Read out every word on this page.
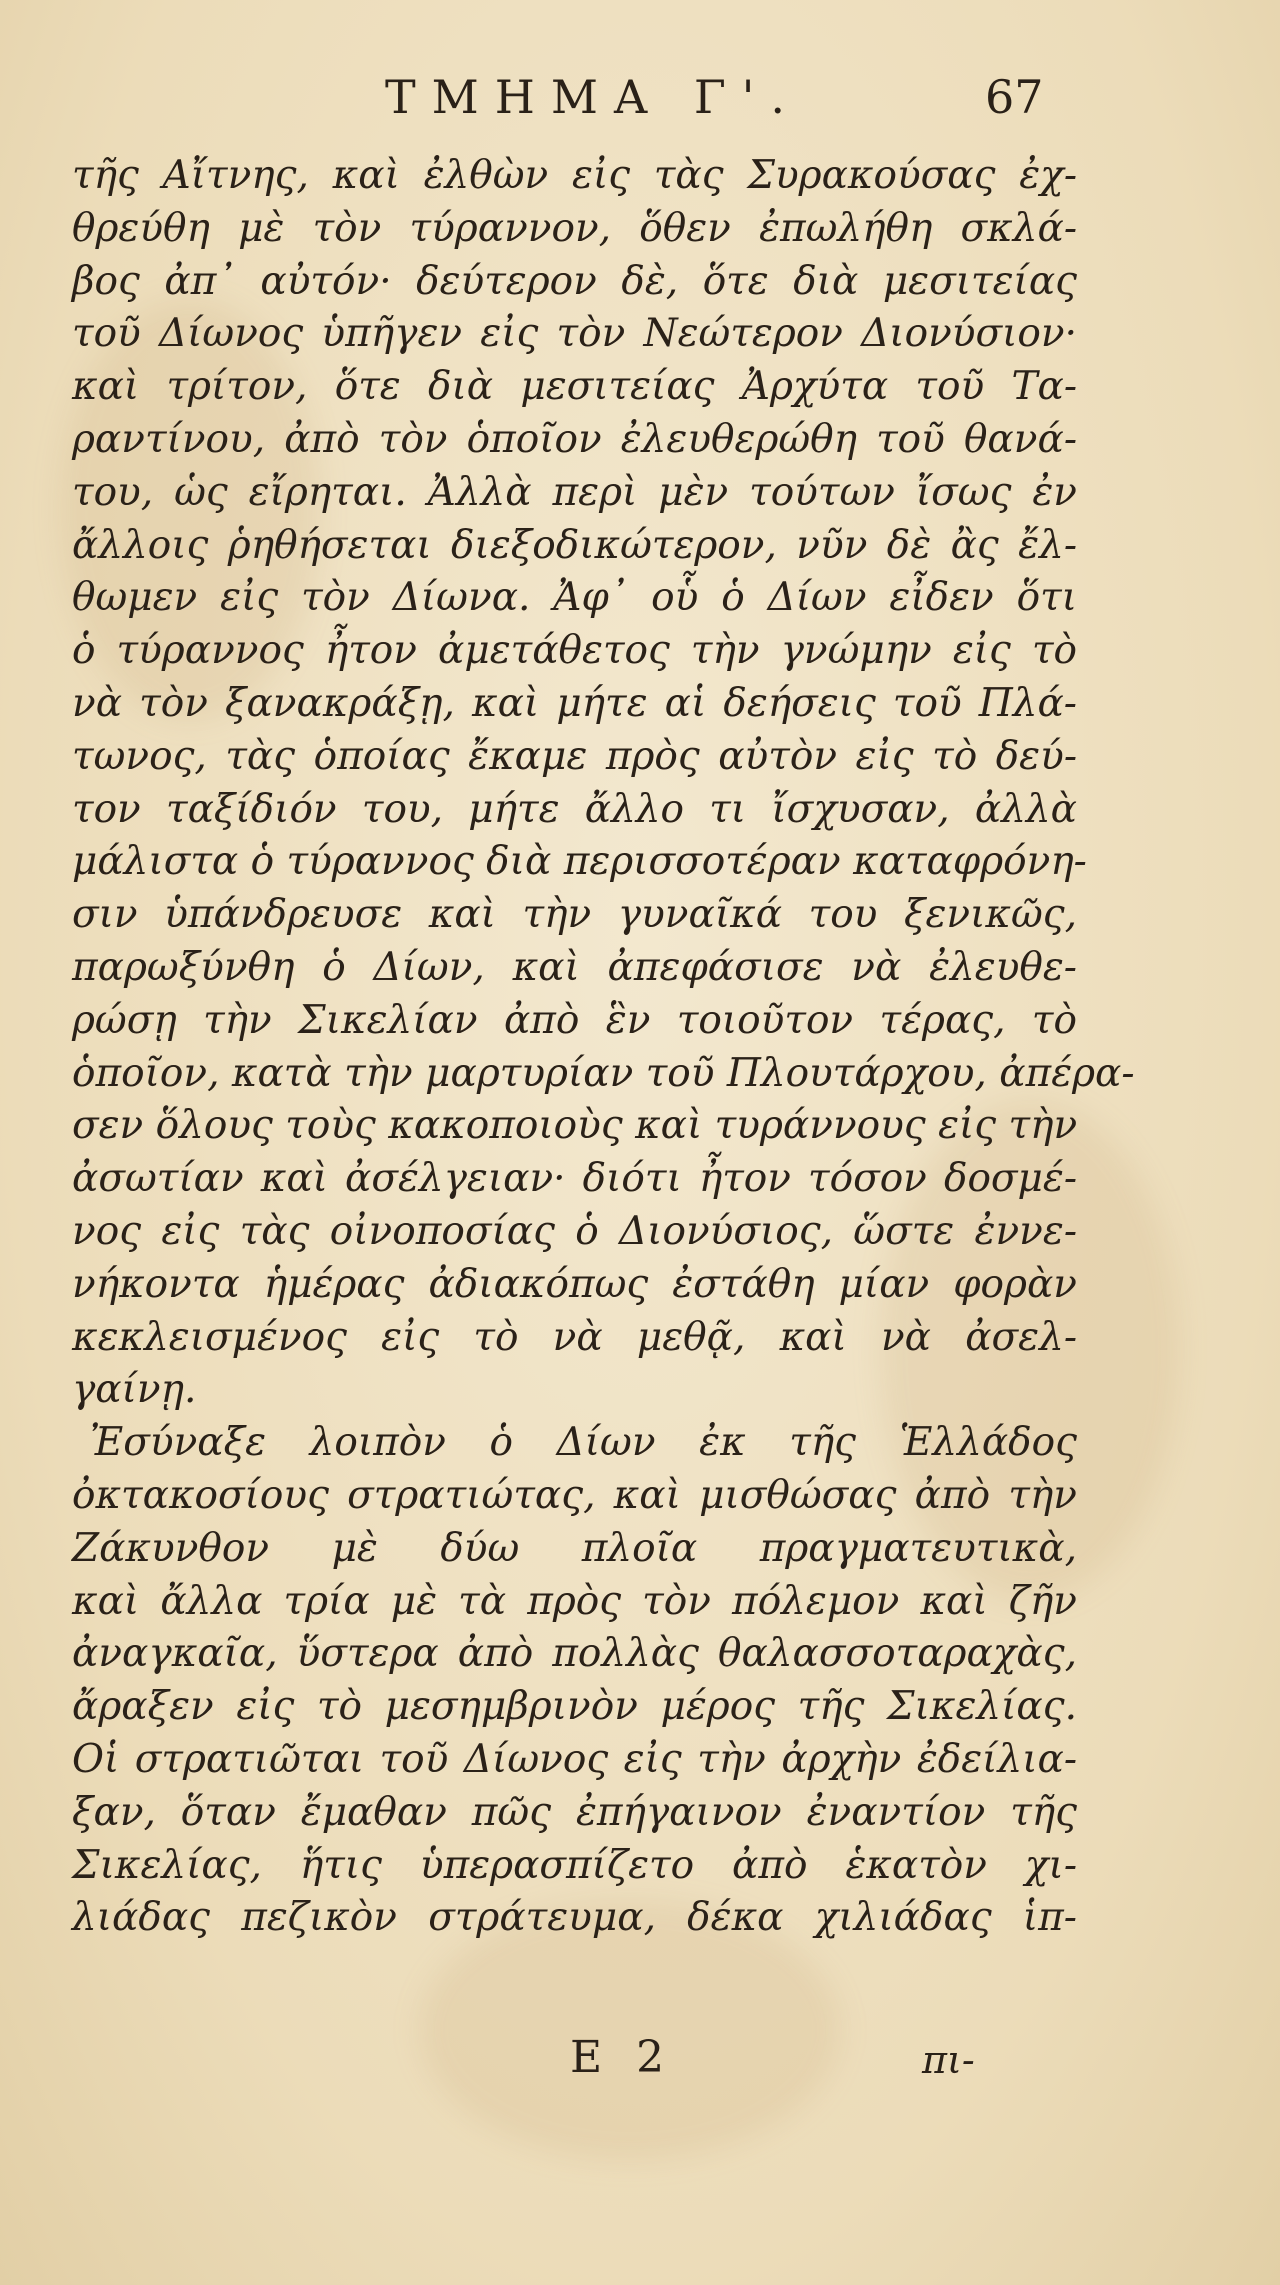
ΤΜΗΜΑ Γ'.	67
τῆς Αἴτνης, καὶ ἐλθὼν εἰς τὰς Συρακούσας ἐχ-
θρεύθη μὲ τὸν τύραννον, ὅθεν ἐπωλήθη σκλά-
βος ἀπ᾽ αὐτόν· δεύτερον δὲ, ὅτε διὰ μεσιτείας
τοῦ Δίωνος ὑπῆγεν εἰς τὸν Νεώτερον Διονύσιον·
καὶ τρίτον, ὅτε διὰ μεσιτείας Ἀρχύτα τοῦ Τα-
ραντίνου, ἀπὸ τὸν ὁποῖον ἐλευθερώθη τοῦ θανά-
του, ὡς εἴρηται. Ἀλλὰ περὶ μὲν τούτων ἴσως ἐν
ἄλλοις ῥηθήσεται διεξοδικώτερον, νῦν δὲ ἂς ἔλ-
θωμεν εἰς τὸν Δίωνα. Ἀφ᾽ οὗ ὁ Δίων εἶδεν ὅτι
ὁ τύραννος ἦτον ἀμετάθετος τὴν γνώμην εἰς τὸ
νὰ τὸν ξανακράξῃ, καὶ μήτε αἱ δεήσεις τοῦ Πλά-
τωνος, τὰς ὁποίας ἔκαμε πρὸς αὐτὸν εἰς τὸ δεύ-
τον ταξίδιόν του, μήτε ἄλλο τι ἴσχυσαν, ἀλλὰ
μάλιστα ὁ τύραννος διὰ περισσοτέραν καταφρόνη-
σιν ὑπάνδρευσε καὶ τὴν γυναῖκά του ξενικῶς,
παρωξύνθη ὁ Δίων, καὶ ἀπεφάσισε νὰ ἐλευθε-
ρώσῃ τὴν Σικελίαν ἀπὸ ἓν τοιοῦτον τέρας, τὸ
ὁποῖον, κατὰ τὴν μαρτυρίαν τοῦ Πλουτάρχου, ἀπέρα-
σεν ὅλους τοὺς κακοποιοὺς καὶ τυράννους εἰς τὴν
ἀσωτίαν καὶ ἀσέλγειαν· διότι ἦτον τόσον δοσμέ-
νος εἰς τὰς οἰνοποσίας ὁ Διονύσιος, ὥστε ἐννε-
νήκοντα ἡμέρας ἀδιακόπως ἐστάθη μίαν φορὰν
κεκλεισμένος εἰς τὸ νὰ μεθᾷ, καὶ νὰ ἀσελ-
γαίνῃ.
Ἐσύναξε λοιπὸν ὁ Δίων ἐκ τῆς Ἑλλάδος
ὀκτακοσίους στρατιώτας, καὶ μισθώσας ἀπὸ τὴν
Ζάκυνθον μὲ δύω πλοῖα πραγματευτικὰ,
καὶ ἄλλα τρία μὲ τὰ πρὸς τὸν πόλεμον καὶ ζῆν
ἀναγκαῖα, ὕστερα ἀπὸ πολλὰς θαλασσοταραχὰς,
ἄραξεν εἰς τὸ μεσημβρινὸν μέρος τῆς Σικελίας.
Οἱ στρατιῶται τοῦ Δίωνος εἰς τὴν ἀρχὴν ἐδείλια-
ξαν, ὅταν ἔμαθαν πῶς ἐπήγαινον ἐναντίον τῆς
Σικελίας, ἥτις ὑπερασπίζετο ἀπὸ ἑκατὸν χι-
λιάδας πεζικὸν στράτευμα, δέκα χιλιάδας ἱπ-
E 2	πι-
